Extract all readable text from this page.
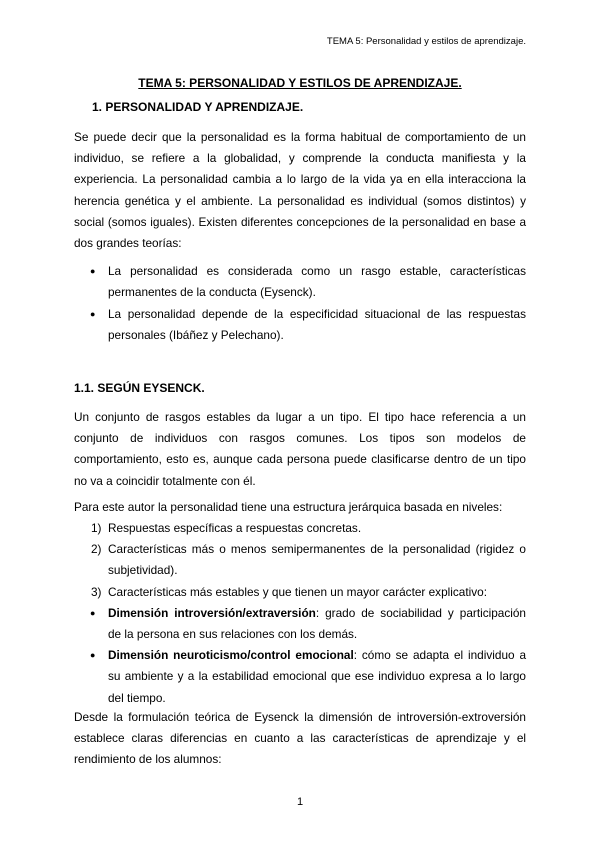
TEMA 5: Personalidad y estilos de aprendizaje.
TEMA 5: PERSONALIDAD Y ESTILOS DE APRENDIZAJE.
1. PERSONALIDAD Y APRENDIZAJE.

Se puede decir que la personalidad es la forma habitual de comportamiento de un individuo, se refiere a la globalidad, y comprende la conducta manifiesta y la experiencia. La personalidad cambia a lo largo de la vida ya en ella interacciona la herencia genética y el ambiente. La personalidad es individual (somos distintos) y social (somos iguales). Existen diferentes concepciones de la personalidad en base a dos grandes teorías:

● La personalidad es considerada como un rasgo estable, características permanentes de la conducta (Eysenck).
● La personalidad depende de la especificidad situacional de las respuestas personales (Ibáñez y Pelechano).
1.1. SEGÚN EYSENCK.

Un conjunto de rasgos estables da lugar a un tipo. El tipo hace referencia a un conjunto de individuos con rasgos comunes. Los tipos son modelos de comportamiento, esto es, aunque cada persona puede clasificarse dentro de un tipo no va a coincidir totalmente con él.

Para este autor la personalidad tiene una estructura jerárquica basada en niveles:

1) Respuestas específicas a respuestas concretas.
2) Características más o menos semipermanentes de la personalidad (rigidez o subjetividad).
3) Características más estables y que tienen un mayor carácter explicativo:
● Dimensión introversión/extraversión: grado de sociabilidad y participación de la persona en sus relaciones con los demás.
● Dimensión neuroticismo/control emocional: cómo se adapta el individuo a su ambiente y a la estabilidad emocional que ese individuo expresa a lo largo del tiempo.

Desde la formulación teórica de Eysenck la dimensión de introversión-extroversión establece claras diferencias en cuanto a las características de aprendizaje y el rendimiento de los alumnos:

1
